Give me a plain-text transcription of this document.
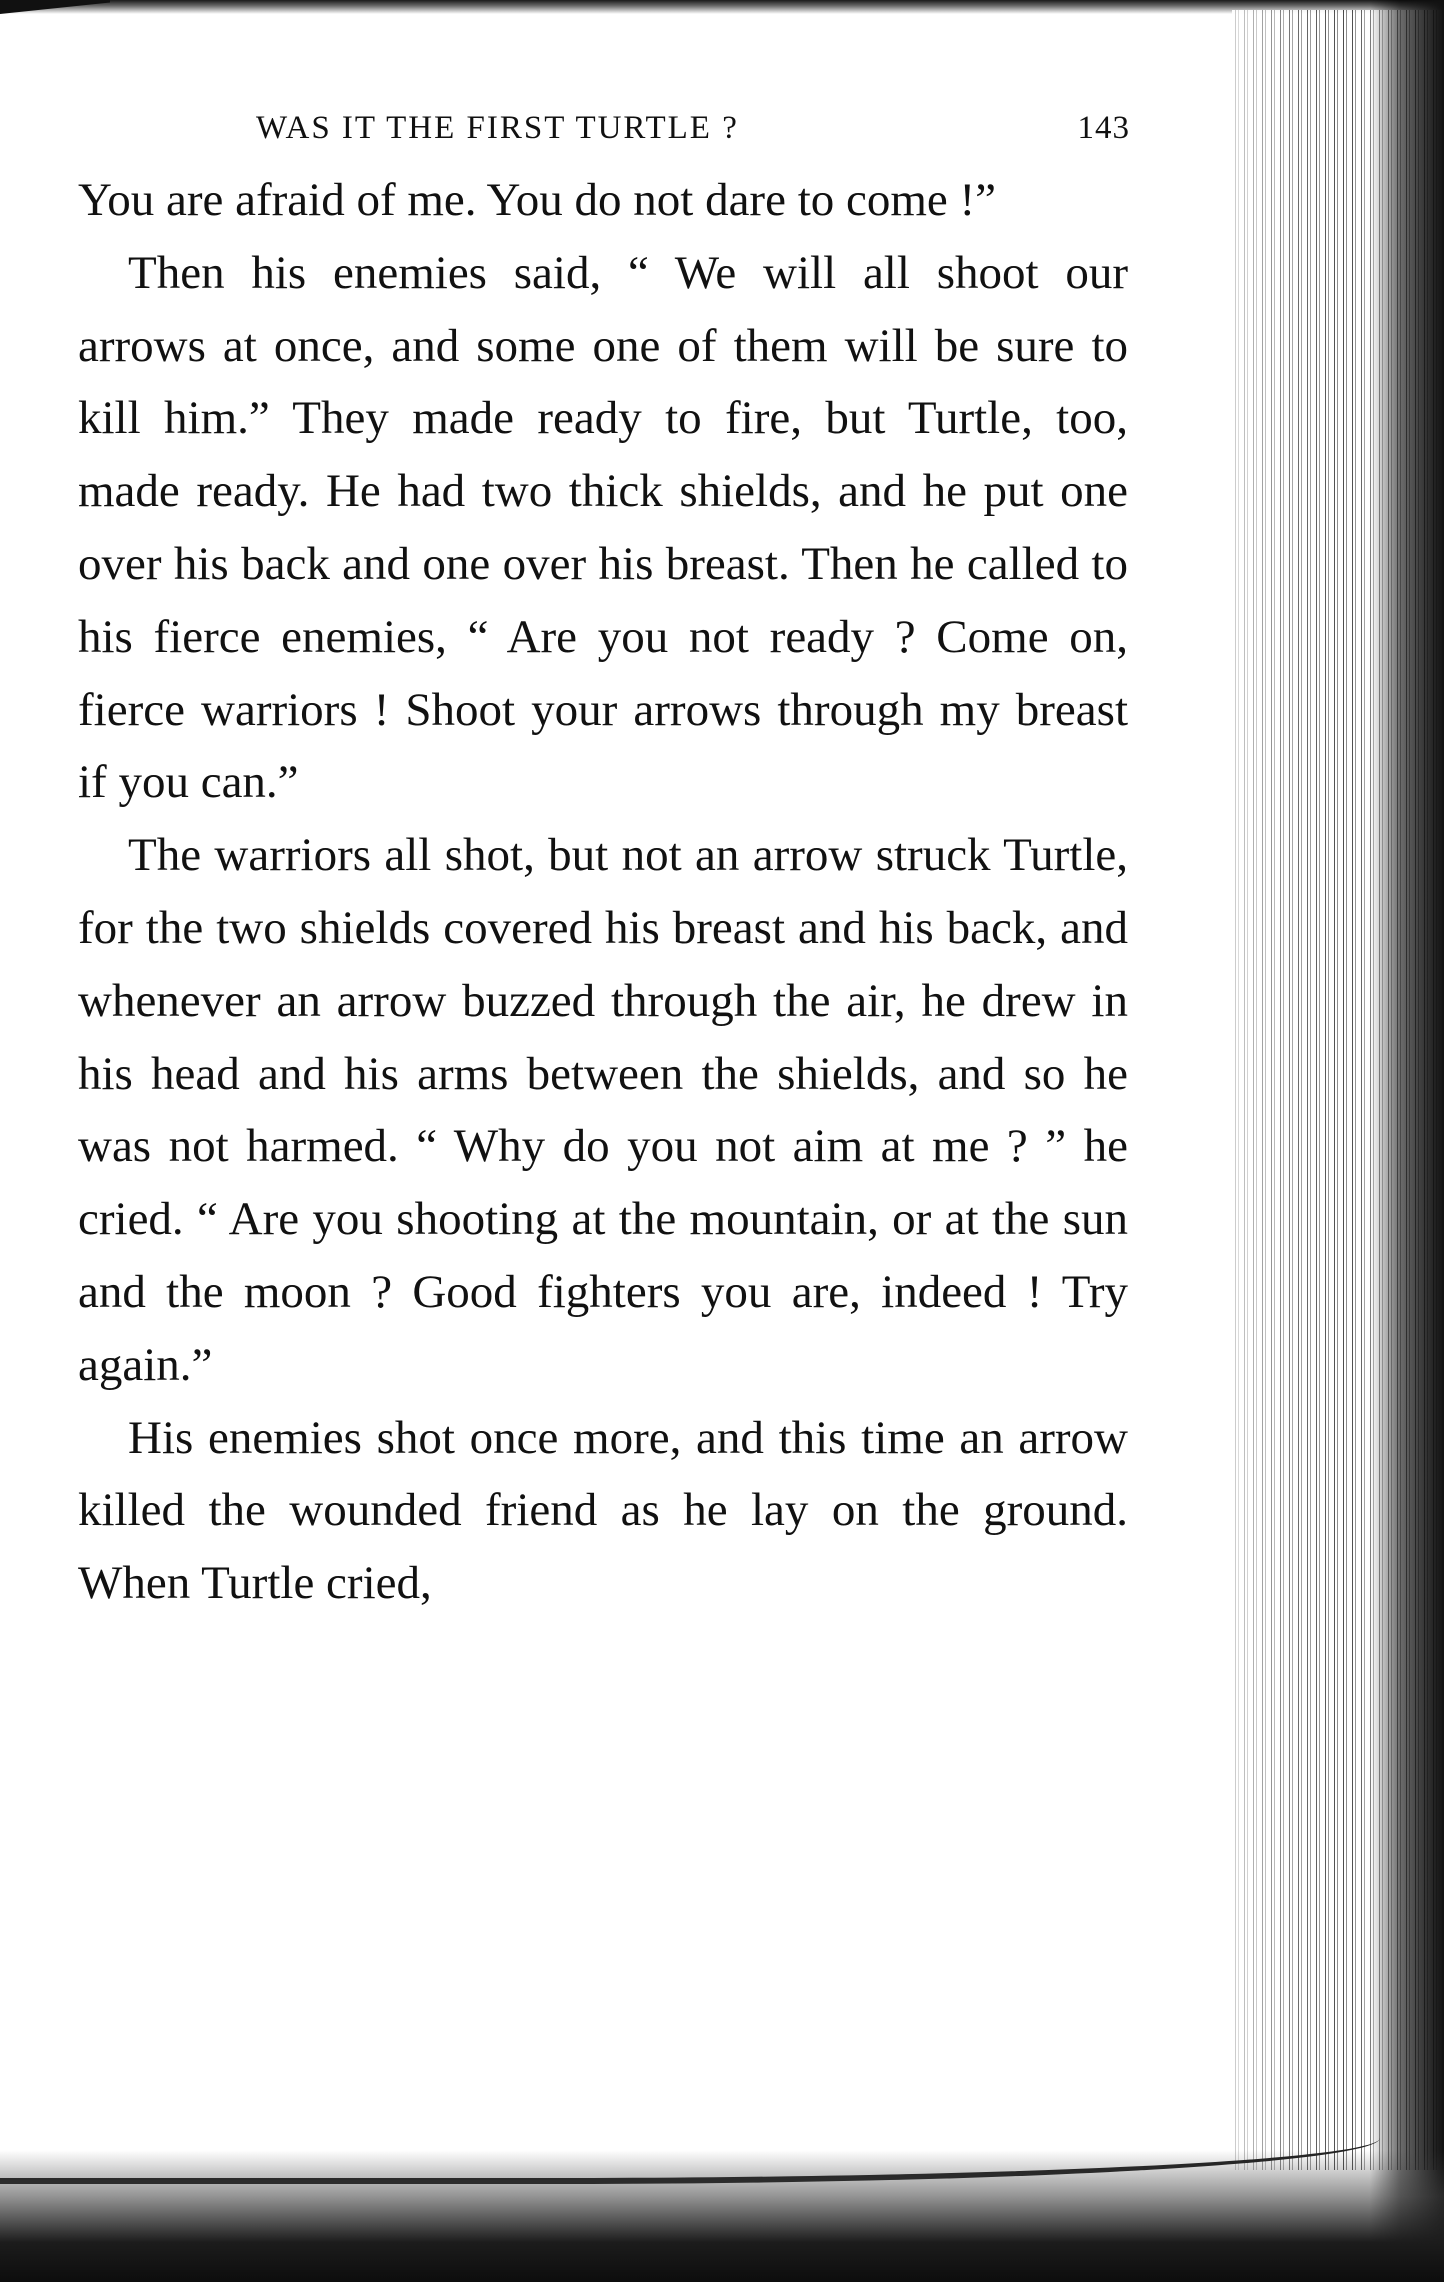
WAS IT THE FIRST TURTLE ?	143

You are afraid of me. You do not dare to come !”

Then his enemies said, “ We will all shoot our arrows at once, and some one of them will be sure to kill him.” They made ready to fire, but Turtle, too, made ready. He had two thick shields, and he put one over his back and one over his breast. Then he called to his fierce enemies, “ Are you not ready ? Come on, fierce warriors ! Shoot your arrows through my breast if you can.”

The warriors all shot, but not an arrow struck Turtle, for the two shields covered his breast and his back, and whenever an arrow buzzed through the air, he drew in his head and his arms between the shields, and so he was not harmed. “ Why do you not aim at me ? ” he cried. “ Are you shooting at the mountain, or at the sun and the moon ? Good fighters you are, indeed ! Try again.”

His enemies shot once more, and this time an arrow killed the wounded friend as he lay on the ground. When Turtle cried,
